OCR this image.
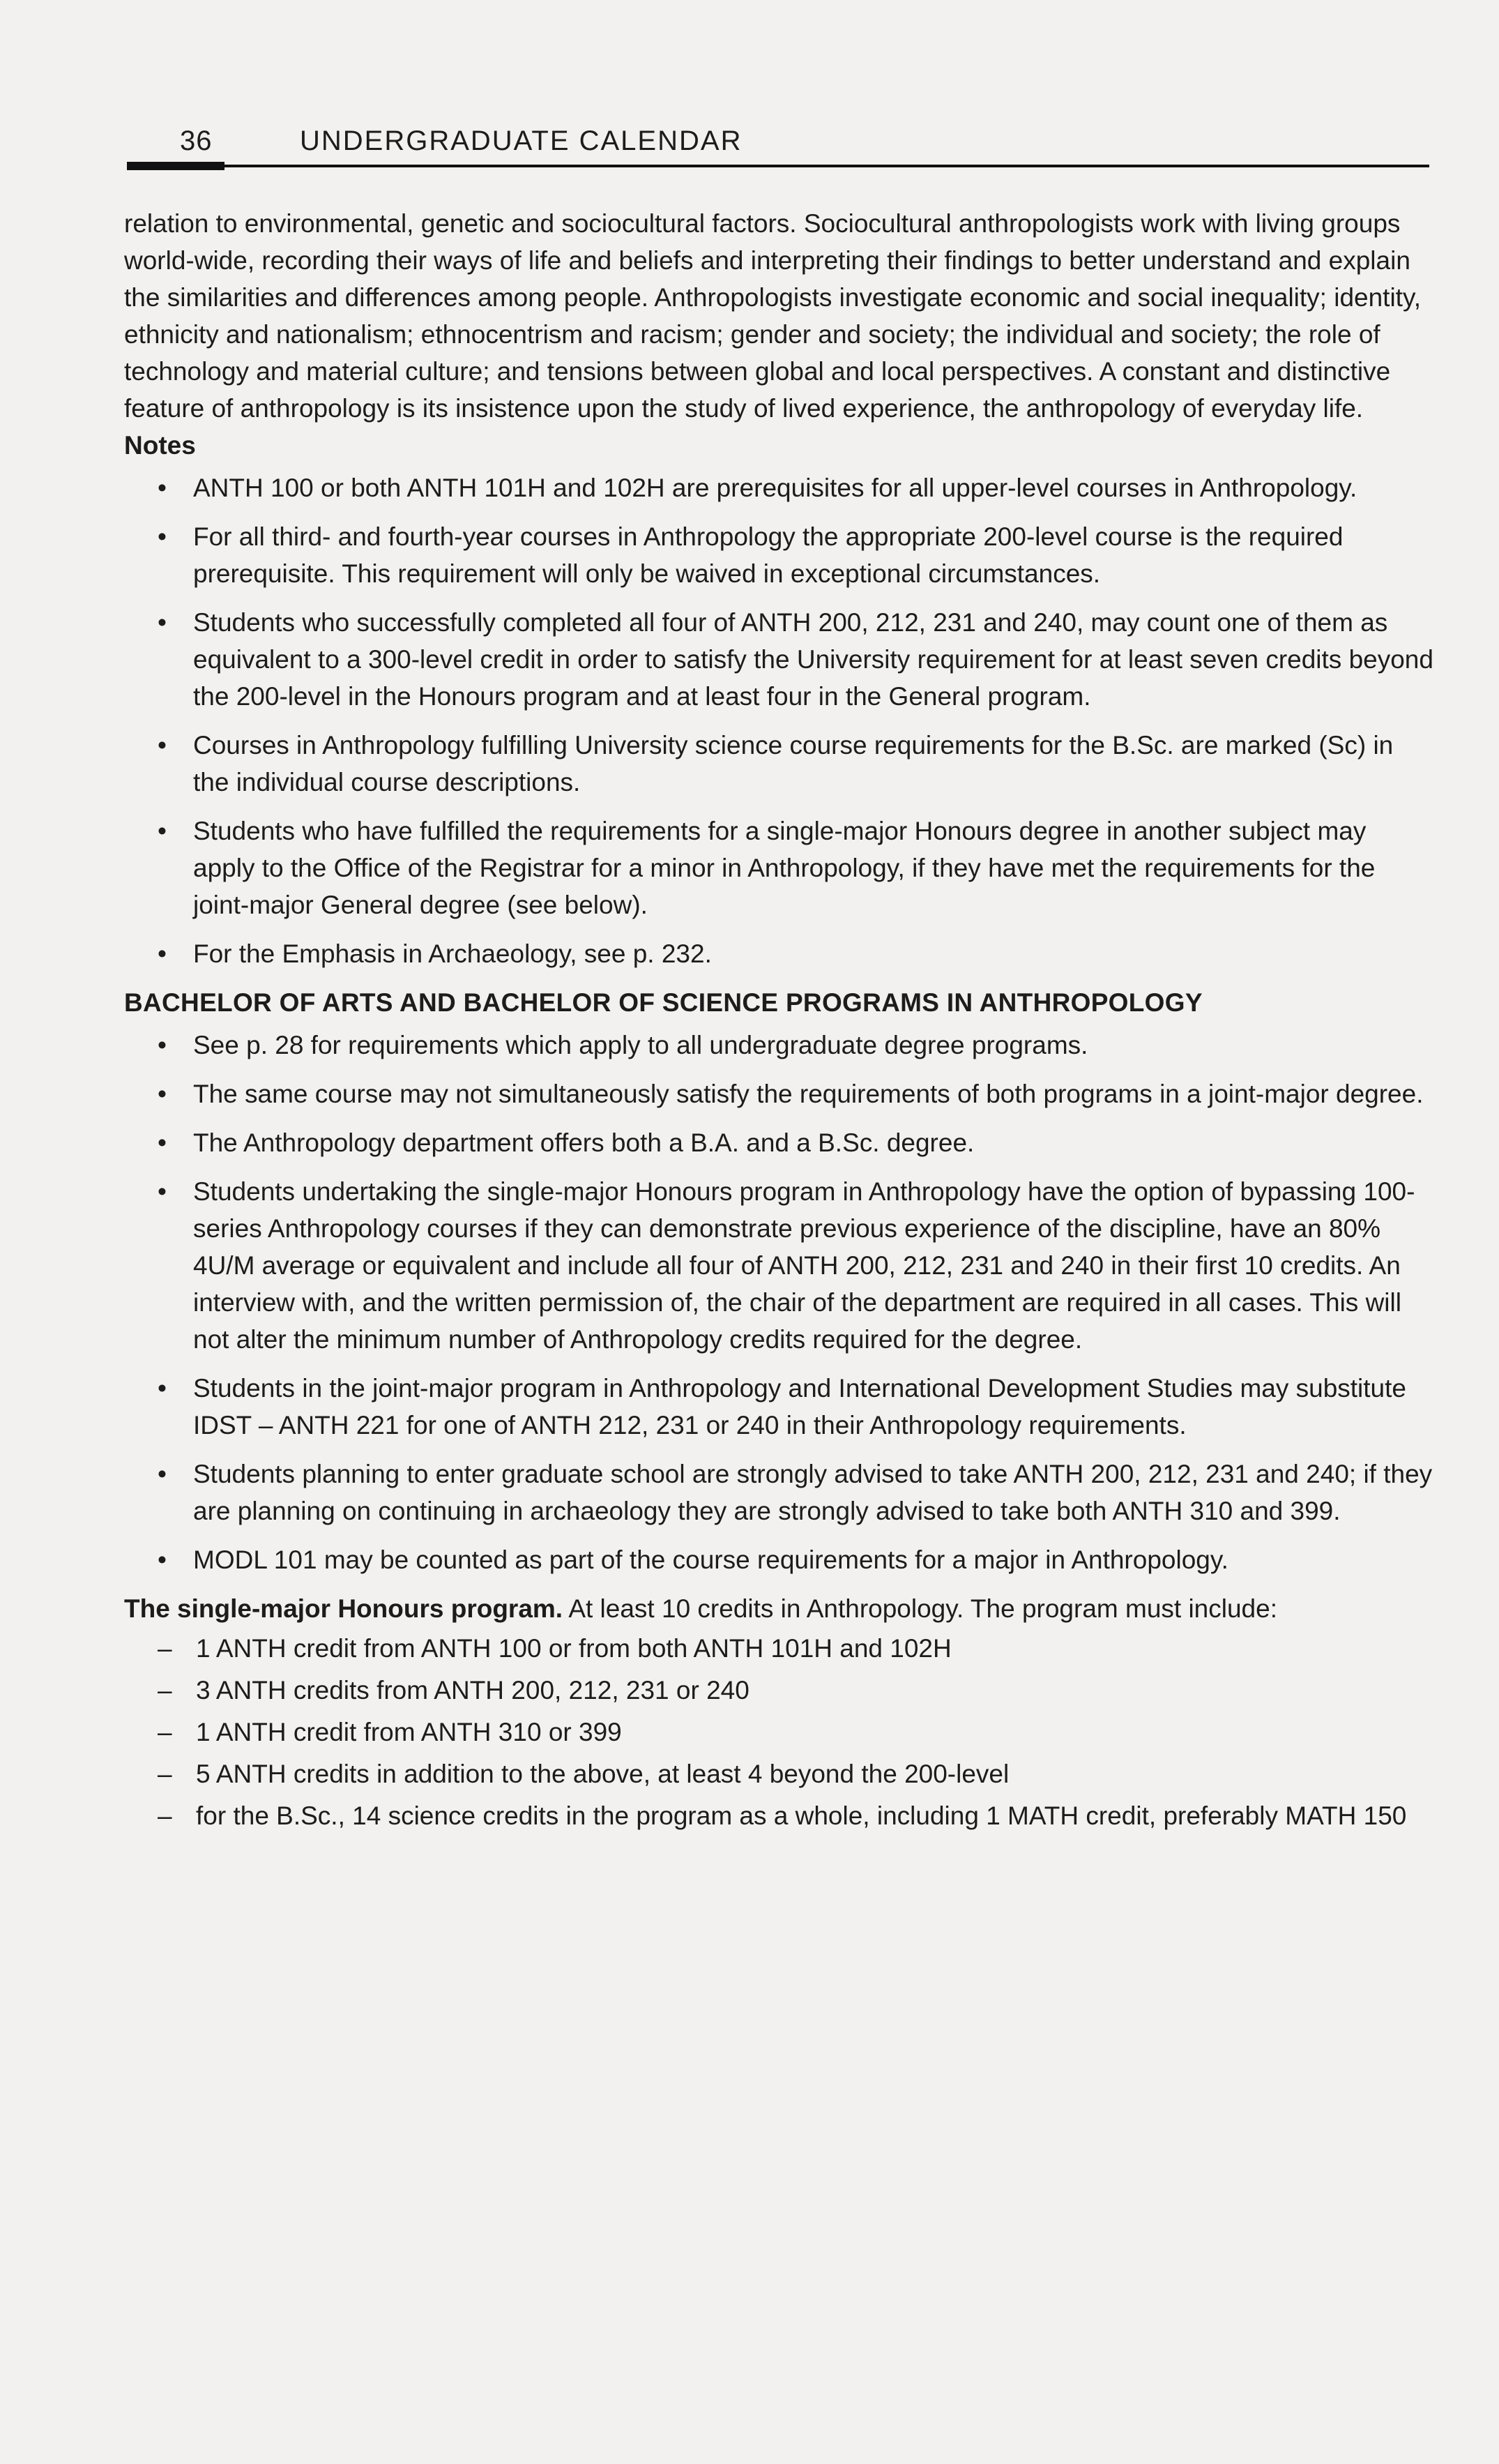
36	UNDERGRADUATE CALENDAR

relation to environmental, genetic and sociocultural factors. Sociocultural anthropologists work with living groups world-wide, recording their ways of life and beliefs and interpreting their findings to better understand and explain the similarities and differences among people. Anthropologists investigate economic and social inequality; identity, ethnicity and nationalism; ethnocentrism and racism; gender and society; the individual and society; the role of technology and material culture; and tensions between global and local perspectives. A constant and distinctive feature of anthropology is its insistence upon the study of lived experience, the anthropology of everyday life.

Notes

• ANTH 100 or both ANTH 101H and 102H are prerequisites for all upper-level courses in Anthropology.
• For all third- and fourth-year courses in Anthropology the appropriate 200-level course is the required prerequisite. This requirement will only be waived in exceptional circumstances.
• Students who successfully completed all four of ANTH 200, 212, 231 and 240, may count one of them as equivalent to a 300-level credit in order to satisfy the University requirement for at least seven credits beyond the 200-level in the Honours program and at least four in the General program.
• Courses in Anthropology fulfilling University science course requirements for the B.Sc. are marked (Sc) in the individual course descriptions.
• Students who have fulfilled the requirements for a single-major Honours degree in another subject may apply to the Office of the Registrar for a minor in Anthropology, if they have met the requirements for the joint-major General degree (see below).
• For the Emphasis in Archaeology, see p. 232.

BACHELOR OF ARTS AND BACHELOR OF SCIENCE PROGRAMS IN ANTHROPOLOGY

• See p. 28 for requirements which apply to all undergraduate degree programs.
• The same course may not simultaneously satisfy the requirements of both programs in a joint-major degree.
• The Anthropology department offers both a B.A. and a B.Sc. degree.
• Students undertaking the single-major Honours program in Anthropology have the option of bypassing 100-series Anthropology courses if they can demonstrate previous experience of the discipline, have an 80% 4U/M average or equivalent and include all four of ANTH 200, 212, 231 and 240 in their first 10 credits. An interview with, and the written permission of, the chair of the department are required in all cases. This will not alter the minimum number of Anthropology credits required for the degree.
• Students in the joint-major program in Anthropology and International Development Studies may substitute IDST – ANTH 221 for one of ANTH 212, 231 or 240 in their Anthropology requirements.
• Students planning to enter graduate school are strongly advised to take ANTH 200, 212, 231 and 240; if they are planning on continuing in archaeology they are strongly advised to take both ANTH 310 and 399.
• MODL 101 may be counted as part of the course requirements for a major in Anthropology.

The single-major Honours program. At least 10 credits in Anthropology. The program must include:

– 1 ANTH credit from ANTH 100 or from both ANTH 101H and 102H
– 3 ANTH credits from ANTH 200, 212, 231 or 240
– 1 ANTH credit from ANTH 310 or 399
– 5 ANTH credits in addition to the above, at least 4 beyond the 200-level
– for the B.Sc., 14 science credits in the program as a whole, including 1 MATH credit, preferably MATH 150
